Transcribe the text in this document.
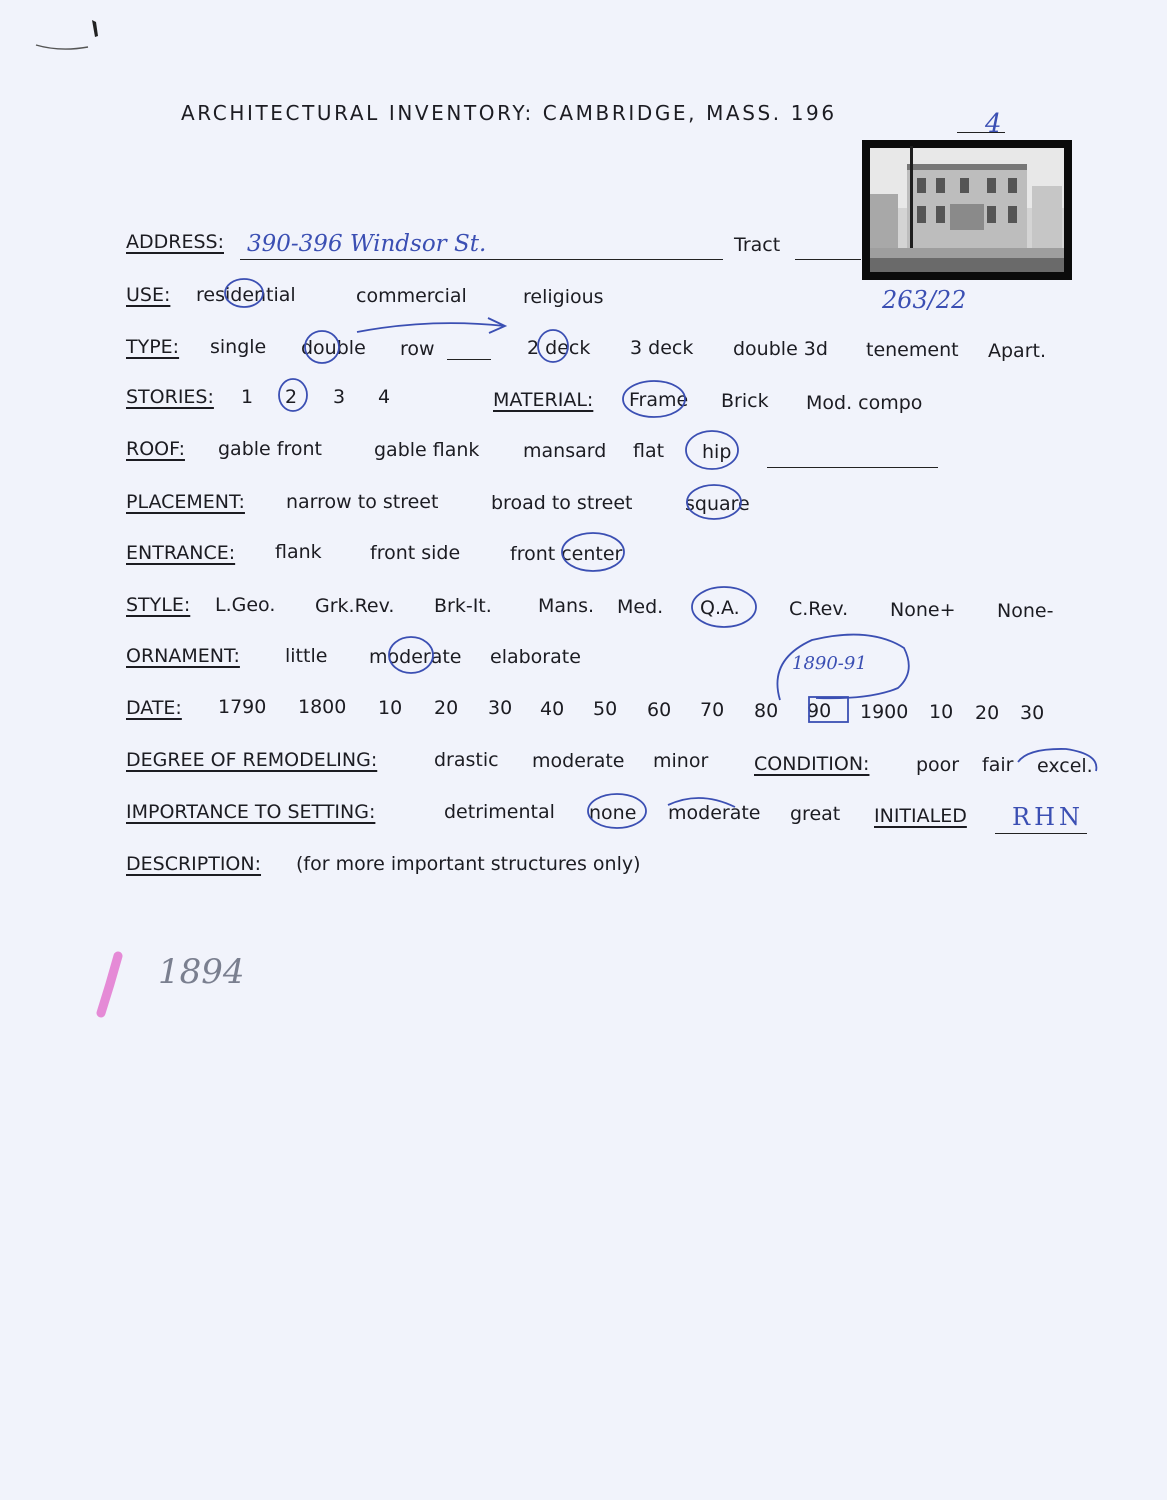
ARCHITECTURAL INVENTORY: CAMBRIDGE, MASS. 196	4
ADDRESS: 390-396 Windsor St.	Tract
263/22
USE: residential	commercial	religious
TYPE: single double row	2 deck 3 deck double 3d tenement Apart.
STORIES: 1 2 3 4	MATERIAL: Frame Brick Mod. compo
ROOF: gable front	gable flank mansard flat hip
PLACEMENT: narrow to street	broad to street	square
ENTRANCE: flank	front side	front center
STYLE: L.Geo. Grk.Rev. Brk-It. Mans. Med. Q.A.	C.Rev. None+ None-
ORNAMENT: little moderate elaborate	1890-91
DATE: 1790 1800 10 20 30 40 50 60 70 80 90 1900 10 20 30
DEGREE OF REMODELING:	drastic moderate minor CONDITION: poor fair excel.
IMPORTANCE TO SETTING:	detrimental none moderate great INITIALED RHN
DESCRIPTION: (for more important structures only)
1894
